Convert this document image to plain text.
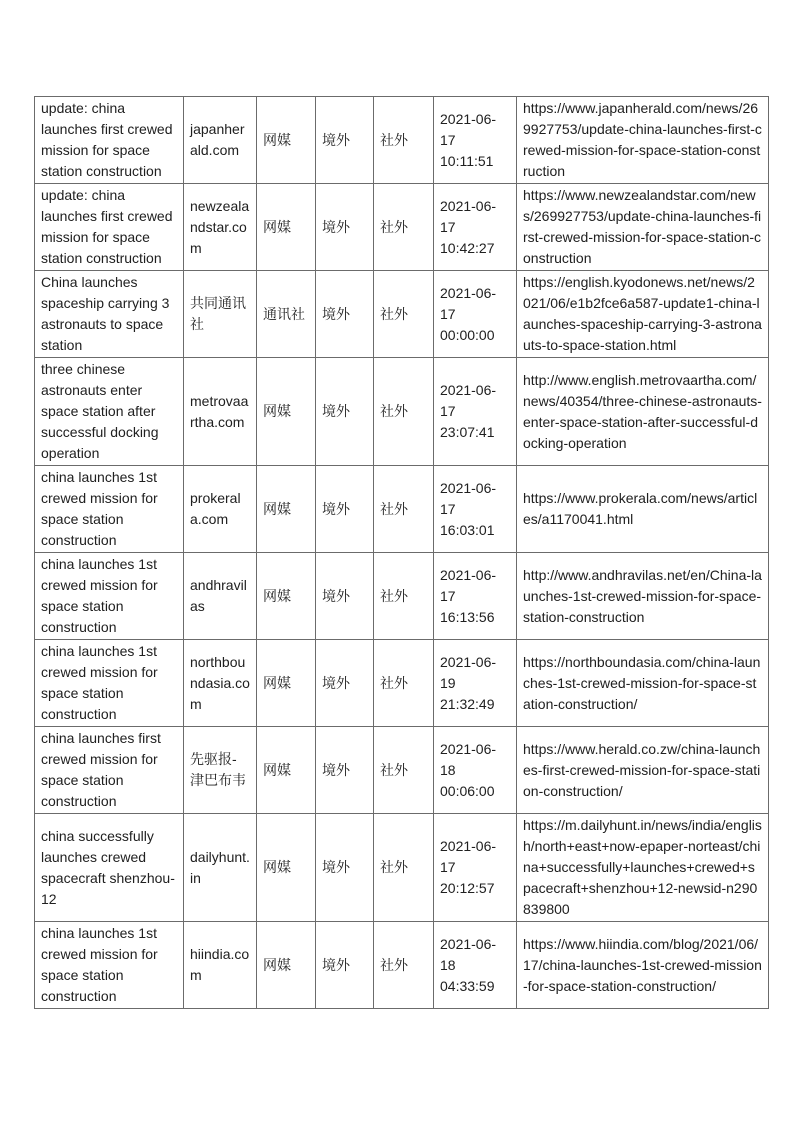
update: china launches first crewed mission for space station construction	japanherald.com	网媒	境外	社外	2021-06-17 10:11:51	https://www.japanherald.com/news/269927753/update-china-launches-first-crewed-mission-for-space-station-construction
update: china launches first crewed mission for space station construction	newzealandstar.com	网媒	境外	社外	2021-06-17 10:42:27	https://www.newzealandstar.com/news/269927753/update-china-launches-first-crewed-mission-for-space-station-construction
China launches spaceship carrying 3 astronauts to space station	共同通讯社	通讯社	境外	社外	2021-06-17 00:00:00	https://english.kyodonews.net/news/2021/06/e1b2fce6a587-update1-china-launches-spaceship-carrying-3-astronauts-to-space-station.html
three chinese astronauts enter space station after successful docking operation	metrovaartha.com	网媒	境外	社外	2021-06-17 23:07:41	http://www.english.metrovaartha.com/news/40354/three-chinese-astronauts-enter-space-station-after-successful-docking-operation
china launches 1st crewed mission for space station construction	prokerala.com	网媒	境外	社外	2021-06-17 16:03:01	https://www.prokerala.com/news/articles/a1170041.html
china launches 1st crewed mission for space station construction	andhravilas	网媒	境外	社外	2021-06-17 16:13:56	http://www.andhravilas.net/en/China-launches-1st-crewed-mission-for-space-station-construction
china launches 1st crewed mission for space station construction	northboundasia.com	网媒	境外	社外	2021-06-19 21:32:49	https://northboundasia.com/china-launches-1st-crewed-mission-for-space-station-construction/
china launches first crewed mission for space station construction	先驱报-津巴布韦	网媒	境外	社外	2021-06-18 00:06:00	https://www.herald.co.zw/china-launches-first-crewed-mission-for-space-station-construction/
china successfully launches crewed spacecraft shenzhou-12	dailyhunt.in	网媒	境外	社外	2021-06-17 20:12:57	https://m.dailyhunt.in/news/india/english/north+east+now-epaper-norteast/china+successfully+launches+crewed+spacecraft+shenzhou+12-newsid-n290839800
china launches 1st crewed mission for space station construction	hiindia.com	网媒	境外	社外	2021-06-18 04:33:59	https://www.hiindia.com/blog/2021/06/17/china-launches-1st-crewed-mission-for-space-station-construction/
